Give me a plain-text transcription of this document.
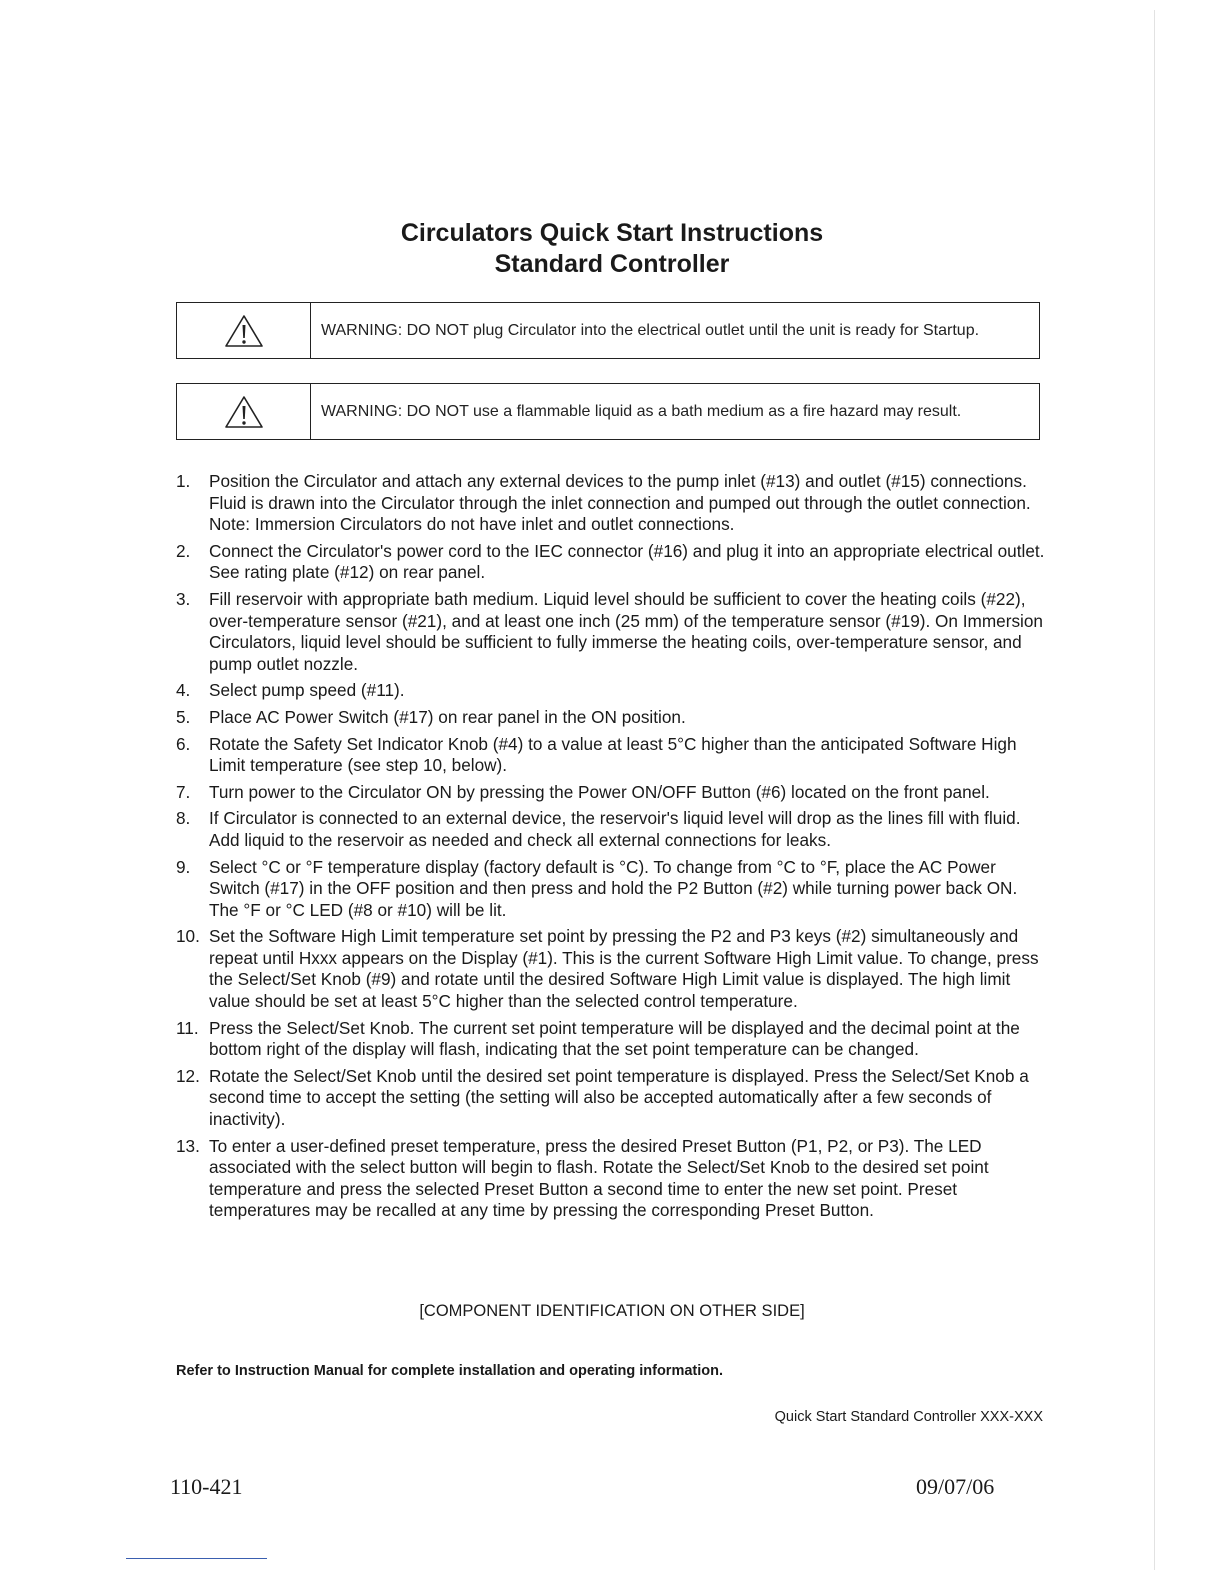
Circulators Quick Start Instructions
Standard Controller
WARNING: DO NOT plug Circulator into the electrical outlet until the unit is ready for Startup.
WARNING: DO NOT use a flammable liquid as a bath medium as a fire hazard may result.
1.	Position the Circulator and attach any external devices to the pump inlet (#13) and outlet (#15) connections. Fluid is drawn into the Circulator through the inlet connection and pumped out through the outlet connection. Note: Immersion Circulators do not have inlet and outlet connections.
2.	Connect the Circulator's power cord to the IEC connector (#16) and plug it into an appropriate electrical outlet. See rating plate (#12) on rear panel.
3.	Fill reservoir with appropriate bath medium. Liquid level should be sufficient to cover the heating coils (#22), over-temperature sensor (#21), and at least one inch (25 mm) of the temperature sensor (#19). On Immersion Circulators, liquid level should be sufficient to fully immerse the heating coils, over-temperature sensor, and pump outlet nozzle.
4.	Select pump speed (#11).
5.	Place AC Power Switch (#17) on rear panel in the ON position.
6.	Rotate the Safety Set Indicator Knob (#4) to a value at least 5°C higher than the anticipated Software High Limit temperature (see step 10, below).
7.	Turn power to the Circulator ON by pressing the Power ON/OFF Button (#6) located on the front panel.
8.	If Circulator is connected to an external device, the reservoir's liquid level will drop as the lines fill with fluid. Add liquid to the reservoir as needed and check all external connections for leaks.
9.	Select °C or °F temperature display (factory default is °C). To change from °C to °F, place the AC Power Switch (#17) in the OFF position and then press and hold the P2 Button (#2) while turning power back ON. The °F or °C LED (#8 or #10) will be lit.
10. Set the Software High Limit temperature set point by pressing the P2 and P3 keys (#2) simultaneously and repeat until Hxxx appears on the Display (#1). This is the current Software High Limit value. To change, press the Select/Set Knob (#9) and rotate until the desired Software High Limit value is displayed. The high limit value should be set at least 5°C higher than the selected control temperature.
11. Press the Select/Set Knob. The current set point temperature will be displayed and the decimal point at the bottom right of the display will flash, indicating that the set point temperature can be changed.
12. Rotate the Select/Set Knob until the desired set point temperature is displayed. Press the Select/Set Knob a second time to accept the setting (the setting will also be accepted automatically after a few seconds of inactivity).
13. To enter a user-defined preset temperature, press the desired Preset Button (P1, P2, or P3). The LED associated with the select button will begin to flash. Rotate the Select/Set Knob to the desired set point temperature and press the selected Preset Button a second time to enter the new set point. Preset temperatures may be recalled at any time by pressing the corresponding Preset Button.
[COMPONENT IDENTIFICATION ON OTHER SIDE]
Refer to Instruction Manual for complete installation and operating information.
Quick Start Standard Controller XXX-XXX
110-421	09/07/06
